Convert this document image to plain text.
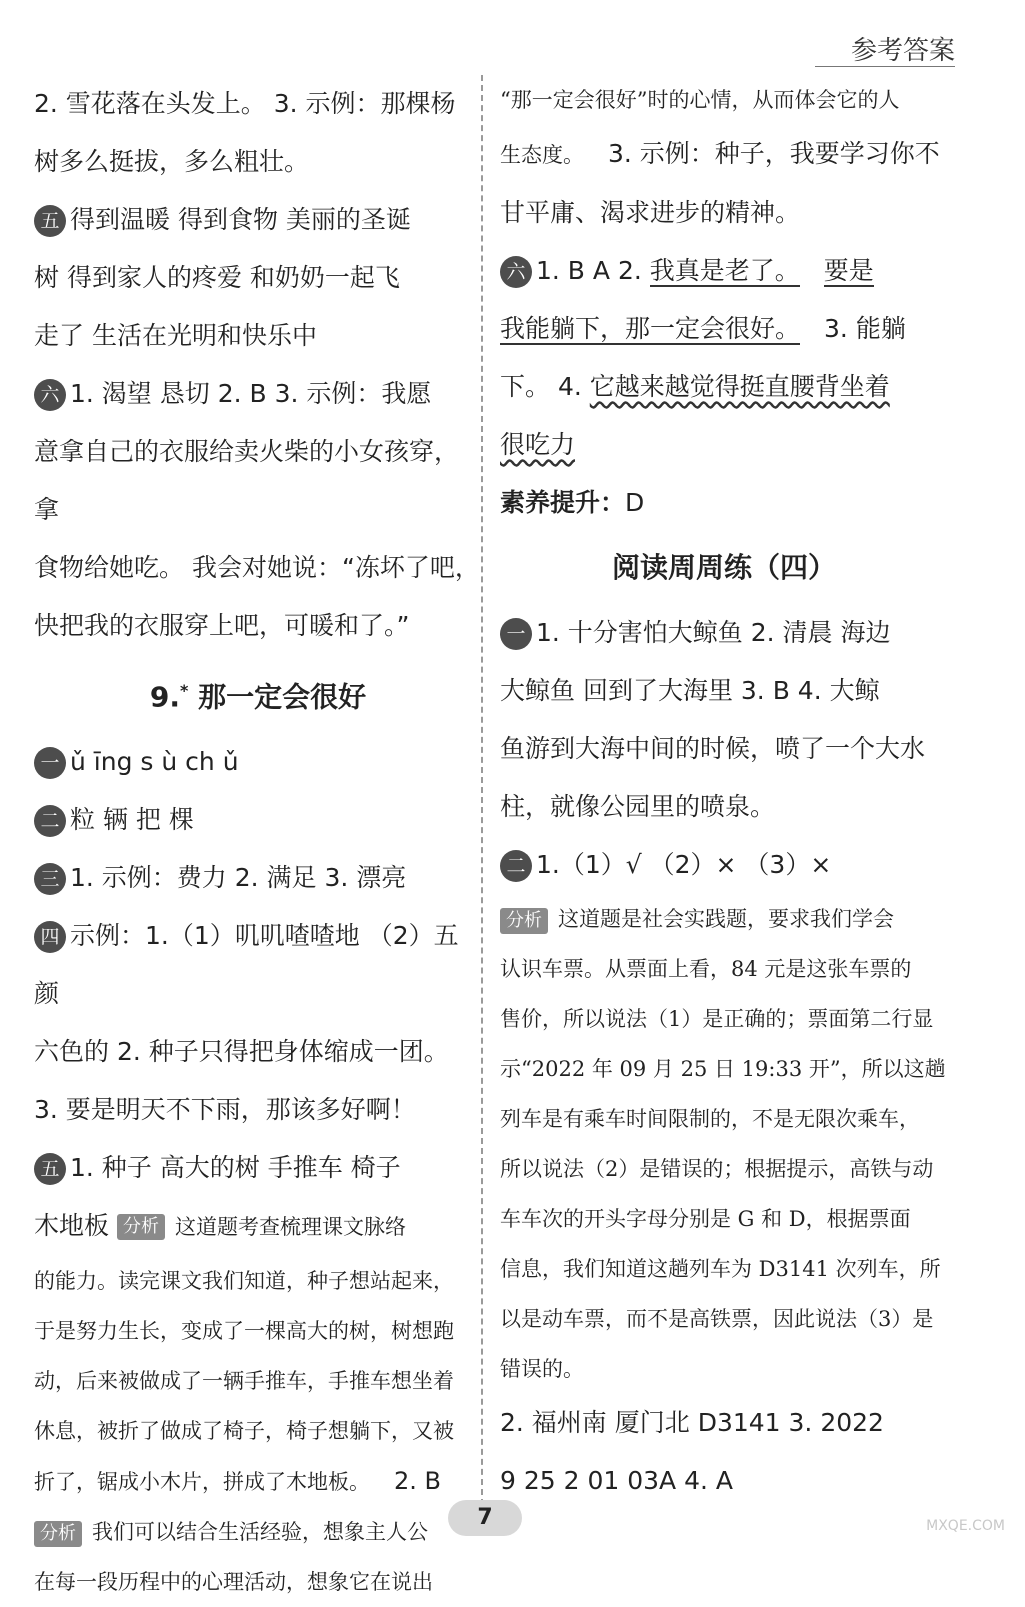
参考答案

2. 雪花落在头发上。 3. 示例：那棵杨

树多么挺拔，多么粗壮。

五 得到温暖 得到食物 美丽的圣诞

树 得到家人的疼爱 和奶奶一起飞

走了 生活在光明和快乐中

六 1. 渴望 恳切 2. B 3. 示例：我愿

意拿自己的衣服给卖火柴的小女孩穿，拿

食物给她吃。 我会对她说：“冻坏了吧，

快把我的衣服穿上吧，可暖和了。”

9.* 那一定会很好

一 ǔ īng s ù ch ǔ

二 粒 辆 把 棵

三 1. 示例：费力 2. 满足 3. 漂亮

四 示例：1.（1）叽叽喳喳地 （2）五颜

六色的 2. 种子只得把身体缩成一团。

3. 要是明天不下雨，那该多好啊！

五 1. 种子 高大的树 手推车 椅子

木地板 分析 这道题考查梳理课文脉络

的能力。读完课文我们知道，种子想站起来，

于是努力生长，变成了一棵高大的树，树想跑

动，后来被做成了一辆手推车，手推车想坐着

休息，被折了做成了椅子，椅子想躺下，又被

折了，锯成小木片，拼成了木地板。 2. B

分析 我们可以结合生活经验，想象主人公

在每一段历程中的心理活动，想象它在说出

“那一定会很好”时的心情，从而体会它的人

生态度。 3. 示例：种子，我要学习你不

甘平庸、渴求进步的精神。

六 1. B A 2. 我真是老了。 要是

我能躺下，那一定会很好。 3. 能躺

下。 4. 它越来越觉得挺直腰背坐着

很吃力

素养提升：D

阅读周周练（四）

一 1. 十分害怕大鲸鱼 2. 清晨 海边

大鲸鱼 回到了大海里 3. B 4. 大鲸

鱼游到大海中间的时候，喷了一个大水

柱，就像公园里的喷泉。

二 1.（1）√ （2）× （3）×

分析 这道题是社会实践题，要求我们学会

认识车票。从票面上看，84 元是这张车票的

售价，所以说法（1）是正确的；票面第二行显

示“2022 年 09 月 25 日 19:33 开”，所以这趟

列车是有乘车时间限制的，不是无限次乘车，

所以说法（2）是错误的；根据提示，高铁与动

车车次的开头字母分别是 G 和 D，根据票面

信息，我们知道这趟列车为 D3141 次列车，所

以是动车票，而不是高铁票，因此说法（3）是

错误的。

2. 福州南 厦门北 D3141 3. 2022

9 25 2 01 03A 4. A

7	MXQE.COM
